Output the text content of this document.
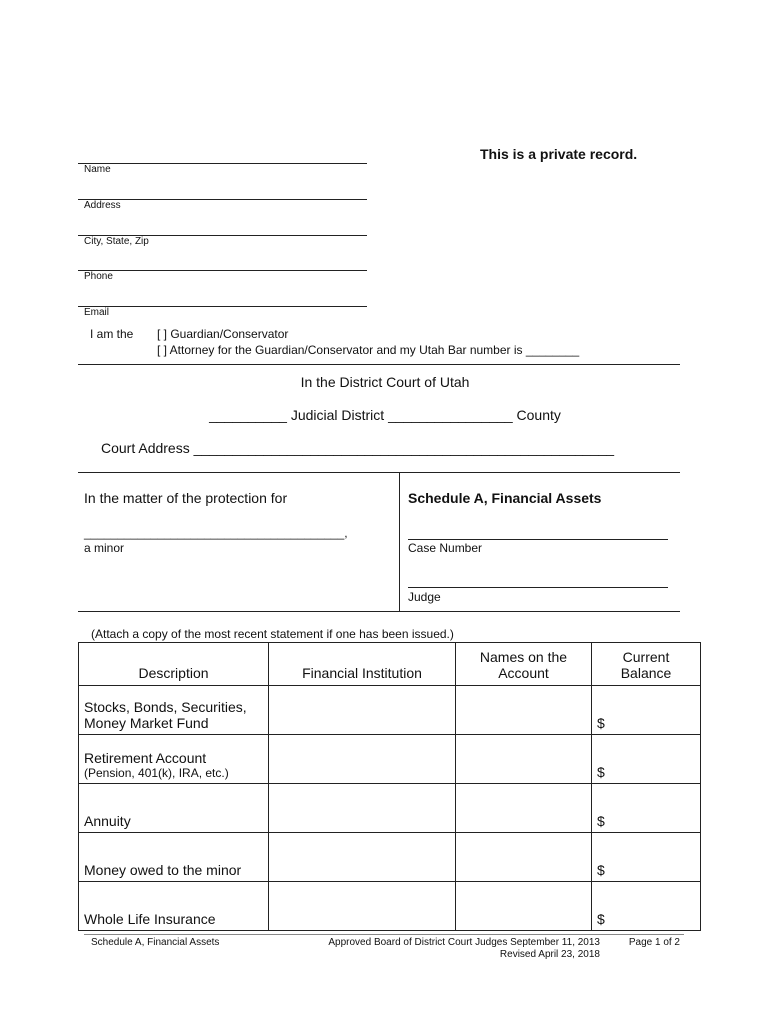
This is a private record.
Name
Address
City, State, Zip
Phone
Email
I am the [ ] Guardian/Conservator
[ ] Attorney for the Guardian/Conservator and my Utah Bar number is ________
In the District Court of Utah
__________ Judicial District ________________ County
Court Address ______________________________________________________
In the matter of the protection for
_______________________________________,
a minor
Schedule A, Financial Assets
Case Number
Judge
(Attach a copy of the most recent statement if one has been issued.)
Description	Financial Institution	Names on the Account	Current Balance
Stocks, Bonds, Securities, Money Market Fund			$
Retirement Account
(Pension, 401(k), IRA, etc.)			$
Annuity			$
Money owed to the minor			$
Whole Life Insurance			$
Schedule A, Financial Assets	Approved Board of District Court Judges September 11, 2013
Revised April 23, 2018
Page 1 of 2
